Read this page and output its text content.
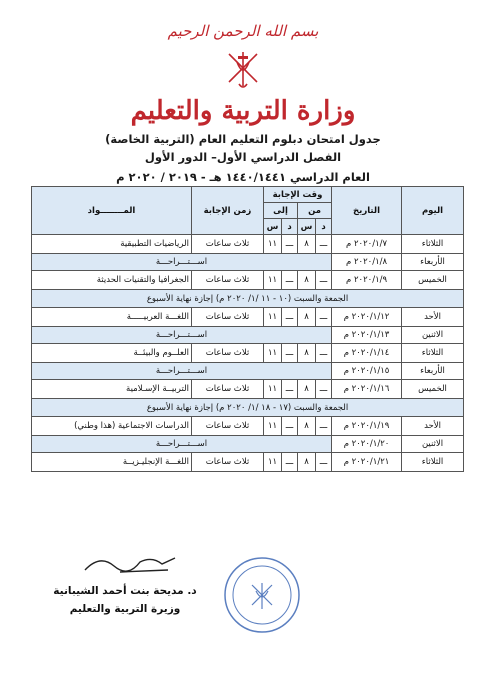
بسم الله الرحمن الرحيم
وزارة التربية والتعليم
جدول امتحان دبلوم التعليم العام (التربية الخاصة)
الفصل الدراسي الأول– الدور الأول
العام الدراسي ١٤٤٠/١٤٤١ هـ - ٢٠١٩ / ٢٠٢٠ م
اليوم	التاريخ	وقت الإجابة				زمن الإجابة	المــــــــواد
		من		إلى			
		د	س	د	س		
الثلاثاء	٢٠٢٠/١/٧ م	ـــ	٨	ـــ	١١	ثلاث ساعات	الرياضيات التطبيقية
الأربعاء	٢٠٢٠/١/٨ م	اســـتـــراحـــة					
الخميس	٢٠٢٠/١/٩ م	ـــ	٨	ـــ	١١	ثلاث ساعات	الجغرافيا والتقنيات الحديثة
الجمعة والسبت (١٠ - ١١ /١/ ٢٠٢٠ م) إجازة نهاية الأسبوع							
الأحد	٢٠٢٠/١/١٢ م	ـــ	٨	ـــ	١١	ثلاث ساعات	اللغـــة العربيـــــة
الاثنين	٢٠٢٠/١/١٣ م	اســـتـــراحـــة					
الثلاثاء	٢٠٢٠/١/١٤ م	ـــ	٨	ـــ	١١	ثلاث ساعات	العلــوم والبيئــة
الأربعاء	٢٠٢٠/١/١٥ م	اســـتـــراحـــة					
الخميس	٢٠٢٠/١/١٦ م	ـــ	٨	ـــ	١١	ثلاث ساعات	التربيــة الإسـلامية
الجمعة والسبت (١٧ - ١٨ /١/ ٢٠٢٠ م) إجازة نهاية الأسبوع							
الأحد	٢٠٢٠/١/١٩ م	ـــ	٨	ـــ	١١	ثلاث ساعات	الدراسات الاجتماعية (هذا وطني)
الاثنين	٢٠٢٠/١/٢٠ م	اســـتـــراحـــة					
الثلاثاء	٢٠٢٠/١/٢١ م	ـــ	٨	ـــ	١١	ثلاث ساعات	اللغـــة الإنجليـزيــة
د. مديحة بنت أحمد الشيبانية
وزيرة التربية والتعليم
